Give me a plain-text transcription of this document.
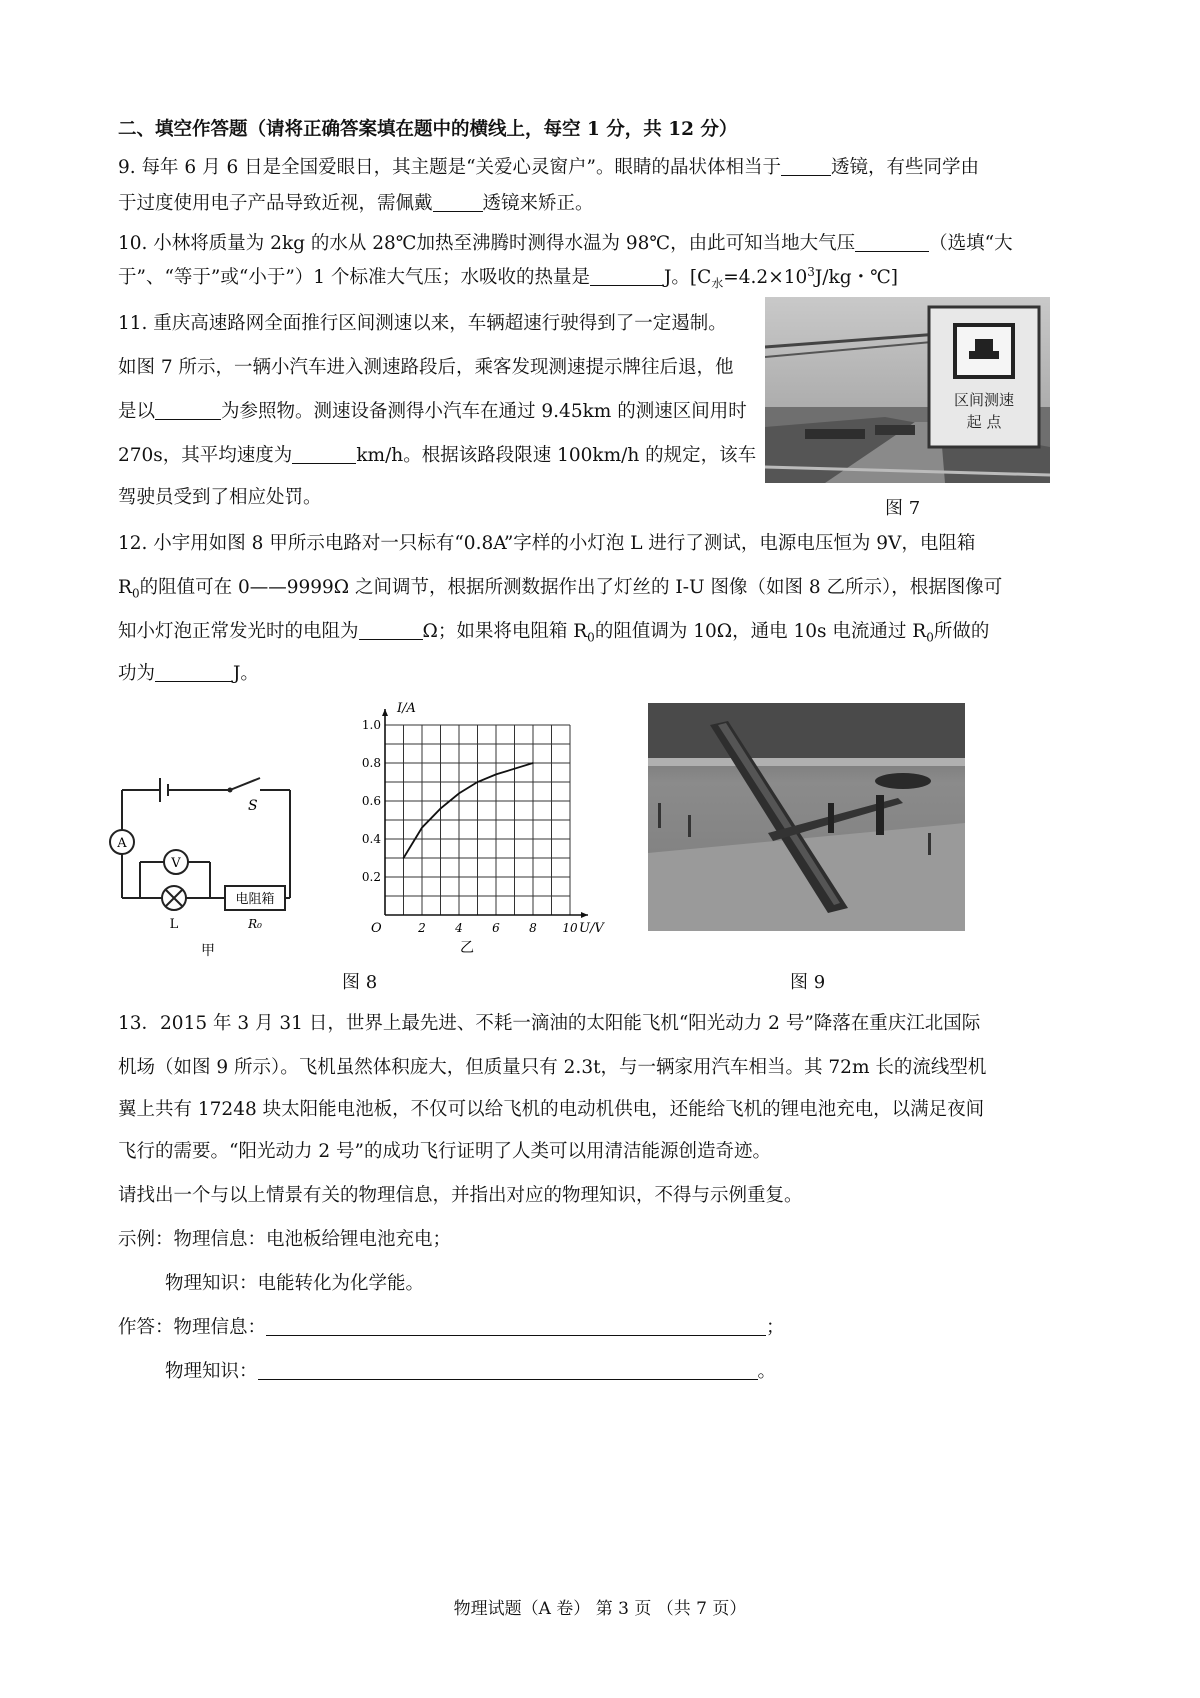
二、填空作答题（请将正确答案填在题中的横线上，每空 1 分，共 12 分）
9. 每年 6 月 6 日是全国爱眼日，其主题是“关爱心灵窗户”。眼睛的晶状体相当于	透镜，有些同学由
于过度使用电子产品导致近视，需佩戴	透镜来矫正。
10. 小林将质量为 2kg 的水从 28℃加热至沸腾时测得水温为 98℃，由此可知当地大气压	（选填“大
于”、“等于”或“小于”）1 个标准大气压；水吸收的热量是	J。[$C_水=4.2\times 10^3J/kg$・℃]
11. 重庆高速路网全面推行区间测速以来，车辆超速行驶得到了一定遏制。
如图 7 所示，一辆小汽车进入测速路段后，乘客发现测速提示牌往后退，他
是以	为参照物。测速设备测得小汽车在通过 9.45km 的测速区间用时
270s，其平均速度为	km/h。根据该路段限速 100km/h 的规定，该车
驾驶员受到了相应处罚。
区间测速
起 点
图 7
12. 小宇用如图 8 甲所示电路对一只标有“0.8A”字样的小灯泡 L 进行了测试，电源电压恒为 9V，电阻箱
$R_0$的阻值可在 0——9999Ω 之间调节，根据所测数据作出了灯丝的 I-U 图像（如图 8 乙所示），根据图像可
知小灯泡正常发光时的电阻为	Ω；如果将电阻箱 $R_0$的阻值调为 10Ω，通电 10s 电流通过 $R_0$所做的
功为	J。
S
A
V
L
电阻箱
R₀
甲
2 4 6 8 10
0.2
0.4
0.6
0.8
1.0
I/A
U/V
O
乙
图 8	图 9
13．2015 年 3 月 31 日，世界上最先进、不耗一滴油的太阳能飞机“阳光动力 2 号”降落在重庆江北国际
机场（如图 9 所示）。飞机虽然体积庞大，但质量只有 2.3t，与一辆家用汽车相当。其 72m 长的流线型机
翼上共有 17248 块太阳能电池板，不仅可以给飞机的电动机供电，还能给飞机的锂电池充电，以满足夜间
飞行的需要。“阳光动力 2 号”的成功飞行证明了人类可以用清洁能源创造奇迹。
请找出一个与以上情景有关的物理信息，并指出对应的物理知识，不得与示例重复。
示例：物理信息：电池板给锂电池充电；
物理知识：电能转化为化学能。
作答：物理信息：	；
物理知识：	。
物理试题（A 卷） 第 3 页 （共 7 页）
